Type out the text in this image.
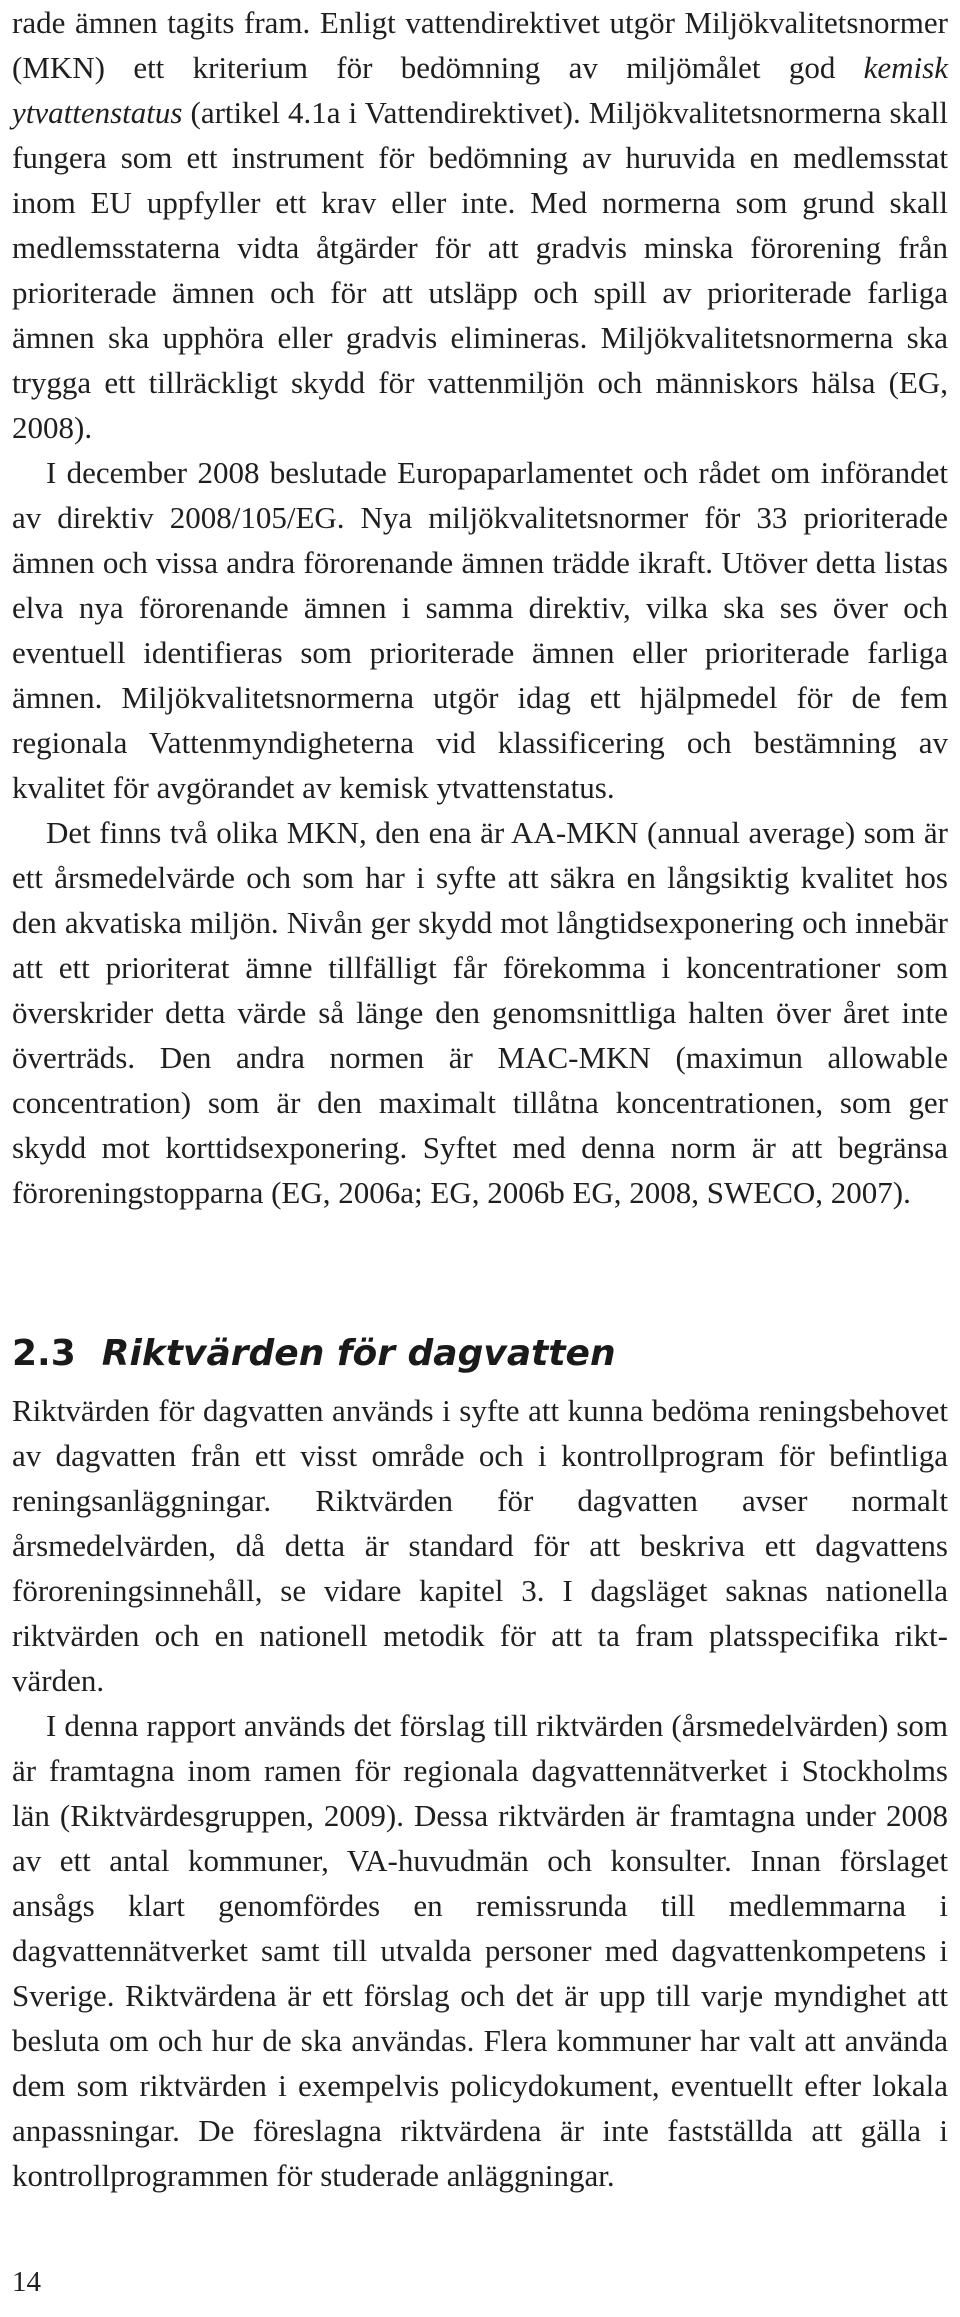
rade ämnen tagits fram. Enligt vattendirektivet utgör Miljökvalitetsnormer (MKN) ett kriterium för bedömning av miljömålet god kemisk ytvattenstatus (artikel 4.1a i Vattendirektivet). Miljökvalitetsnormerna skall fungera som ett instrument för bedömning av huruvida en medlemsstat inom EU uppfyller ett krav eller inte. Med normerna som grund skall medlemsstaterna vidta åtgärder för att gradvis minska förorening från prioriterade ämnen och för att utsläpp och spill av prioriterade farliga ämnen ska upphöra eller gradvis elimineras. Miljökvalitetsnormerna ska trygga ett tillräckligt skydd för vattenmiljön och människors hälsa (EG, 2008).

I december 2008 beslutade Europaparlamentet och rådet om införandet av direktiv 2008/105/EG. Nya miljökvalitetsnormer för 33 prioriterade ämnen och vissa andra förorenande ämnen trädde ikraft. Utöver detta listas elva nya förorenande ämnen i samma direktiv, vilka ska ses över och eventuell identifieras som prioriterade ämnen eller prioriterade farliga ämnen. Miljökvalitetsnormerna utgör idag ett hjälpmedel för de fem regionala Vattenmyndigheterna vid klassificering och bestämning av kvalitet för avgörandet av kemisk ytvattenstatus.

Det finns två olika MKN, den ena är AA-MKN (annual average) som är ett årsmedelvärde och som har i syfte att säkra en långsiktig kvalitet hos den akvatiska miljön. Nivån ger skydd mot långtidsexponering och innebär att ett prioriterat ämne tillfälligt får förekomma i koncentrationer som överskrider detta värde så länge den genomsnittliga halten över året inte överträds. Den andra normen är MAC-MKN (maximun allowable concentration) som är den maximalt tillåtna koncentrationen, som ger skydd mot korttidsexponering. Syftet med denna norm är att begränsa föroreningstopparna (EG, 2006a; EG, 2006b EG, 2008, SWECO, 2007).

2.3 Riktvärden för dagvatten

Riktvärden för dagvatten används i syfte att kunna bedöma reningsbehovet av dagvatten från ett visst område och i kontrollprogram för befintliga reningsanläggningar. Riktvärden för dagvatten avser normalt årsmedelvärden, då detta är standard för att beskriva ett dagvattens föroreningsinnehåll, se vidare kapitel 3. I dagsläget saknas nationella riktvärden och en nationell metodik för att ta fram platsspecifika riktvärden.

I denna rapport används det förslag till riktvärden (årsmedelvärden) som är framtagna inom ramen för regionala dagvattennätverket i Stockholms län (Riktvärdesgruppen, 2009). Dessa riktvärden är framtagna under 2008 av ett antal kommuner, VA-huvudmän och konsulter. Innan förslaget ansågs klart genomfördes en remissrunda till medlemmarna i dagvattennätverket samt till utvalda personer med dagvattenkompetens i Sverige. Riktvärdena är ett förslag och det är upp till varje myndighet att besluta om och hur de ska användas. Flera kommuner har valt att använda dem som riktvärden i exempelvis policydokument, eventuellt efter lokala anpassningar. De föreslagna riktvärdena är inte fastställda att gälla i kontrollprogrammen för studerade anläggningar.

14
